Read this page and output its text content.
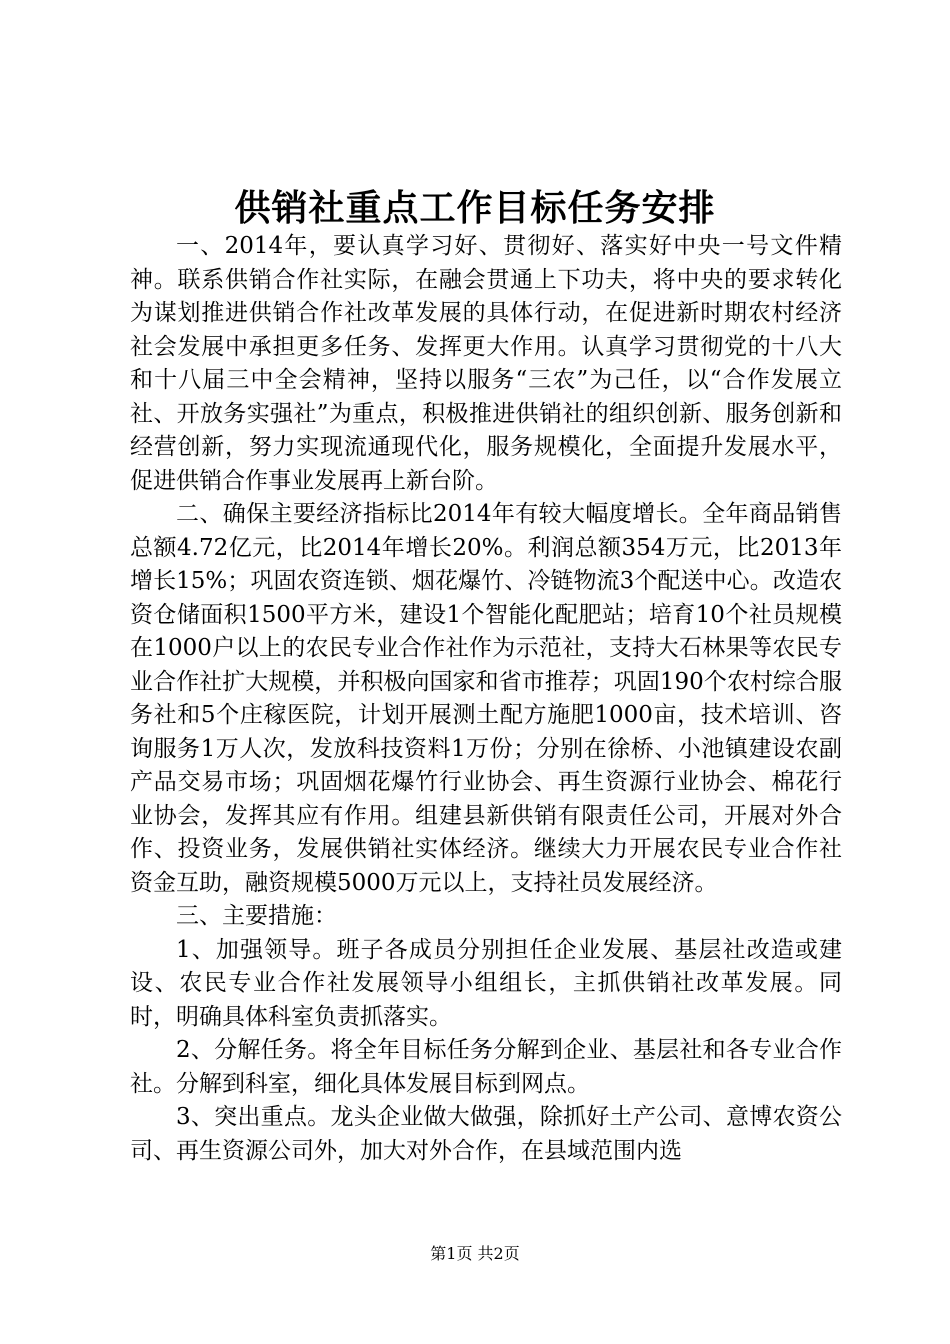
供销社重点工作目标任务安排

一、2014年，要认真学习好、贯彻好、落实好中央一号文件精神。联系供销合作社实际，在融会贯通上下功夫，将中央的要求转化为谋划推进供销合作社改革发展的具体行动，在促进新时期农村经济社会发展中承担更多任务、发挥更大作用。认真学习贯彻党的十八大和十八届三中全会精神，坚持以服务“三农”为己任，以“合作发展立社、开放务实强社”为重点，积极推进供销社的组织创新、服务创新和经营创新，努力实现流通现代化，服务规模化，全面提升发展水平，促进供销合作事业发展再上新台阶。

二、确保主要经济指标比2014年有较大幅度增长。全年商品销售总额4.72亿元，比2014年增长20%。利润总额354万元，比2013年增长15%；巩固农资连锁、烟花爆竹、冷链物流3个配送中心。改造农资仓储面积1500平方米，建设1个智能化配肥站；培育10个社员规模在1000户以上的农民专业合作社作为示范社，支持大石林果等农民专业合作社扩大规模，并积极向国家和省市推荐；巩固190个农村综合服务社和5个庄稼医院，计划开展测土配方施肥1000亩，技术培训、咨询服务1万人次，发放科技资料1万份；分别在徐桥、小池镇建设农副产品交易市场；巩固烟花爆竹行业协会、再生资源行业协会、棉花行业协会，发挥其应有作用。组建县新供销有限责任公司，开展对外合作、投资业务，发展供销社实体经济。继续大力开展农民专业合作社资金互助，融资规模5000万元以上，支持社员发展经济。

三、主要措施：

1、加强领导。班子各成员分别担任企业发展、基层社改造或建设、农民专业合作社发展领导小组组长，主抓供销社改革发展。同时，明确具体科室负责抓落实。

2、分解任务。将全年目标任务分解到企业、基层社和各专业合作社。分解到科室，细化具体发展目标到网点。

3、突出重点。龙头企业做大做强，除抓好土产公司、意博农资公司、再生资源公司外，加大对外合作，在县域范围内选

第1页 共2页
